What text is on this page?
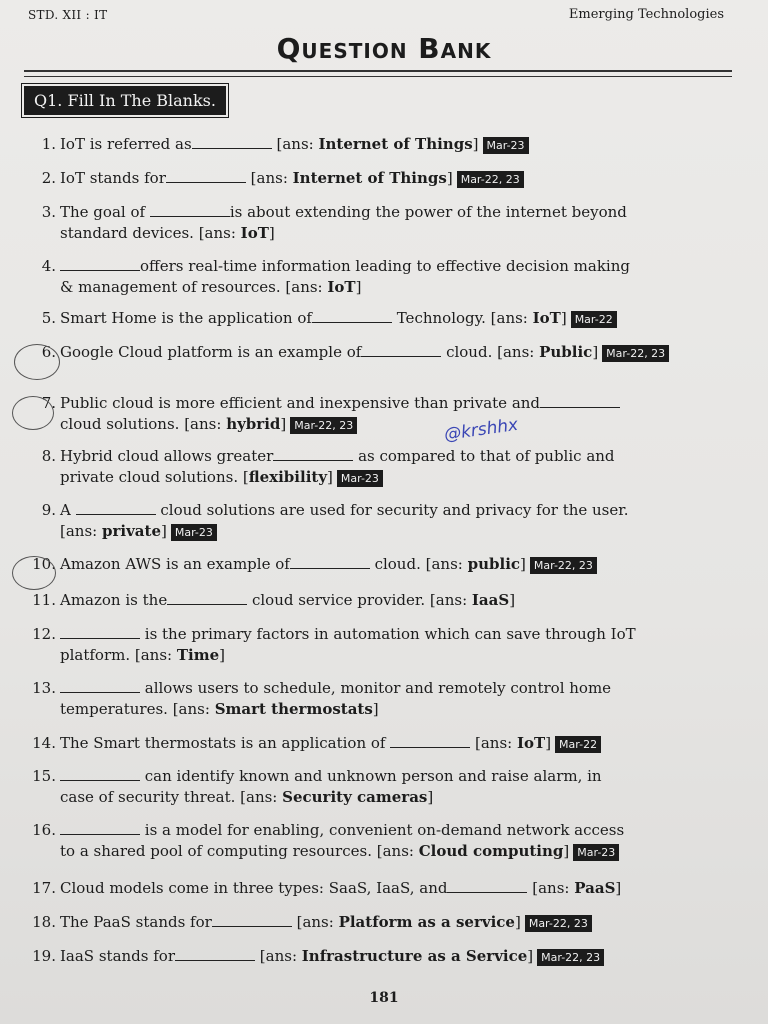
STD. XII : IT	Emerging Technologies
Question Bank
Q1. Fill In The Blanks.
1. IoT is referred as	[ans: Internet of Things] Mar-23
2. IoT stands for	[ans: Internet of Things] Mar-22, 23
3. The goal of	is about extending the power of the internet beyond
standard devices. [ans: IoT]
4.	offers real-time information leading to effective decision making
& management of resources. [ans: IoT]
5. Smart Home is the application of	Technology. [ans: IoT] Mar-22
6. Google Cloud platform is an example of	cloud. [ans: Public] Mar-22, 23
7. Public cloud is more efficient and inexpensive than private and
cloud solutions. [ans: hybrid] Mar-22, 23
8. Hybrid cloud allows greater	as compared to that of public and
private cloud solutions. [flexibility] Mar-23
9. A	cloud solutions are used for security and privacy for the user.
[ans: private] Mar-23
10. Amazon AWS is an example of	cloud. [ans: public] Mar-22, 23
11. Amazon is the	cloud service provider. [ans: IaaS]
12.	is the primary factors in automation which can save through IoT
platform. [ans: Time]
13.	allows users to schedule, monitor and remotely control home
temperatures. [ans: Smart thermostats]
14. The Smart thermostats is an application of	[ans: IoT] Mar-22
15.	can identify known and unknown person and raise alarm, in
case of security threat. [ans: Security cameras]
16.	is a model for enabling, convenient on-demand network access
to a shared pool of computing resources. [ans: Cloud computing] Mar-23
17. Cloud models come in three types: SaaS, IaaS, and	[ans: PaaS]
18. The PaaS stands for	[ans: Platform as a service] Mar-22, 23
19. IaaS stands for	[ans: Infrastructure as a Service] Mar-22, 23
@krshhx
181
